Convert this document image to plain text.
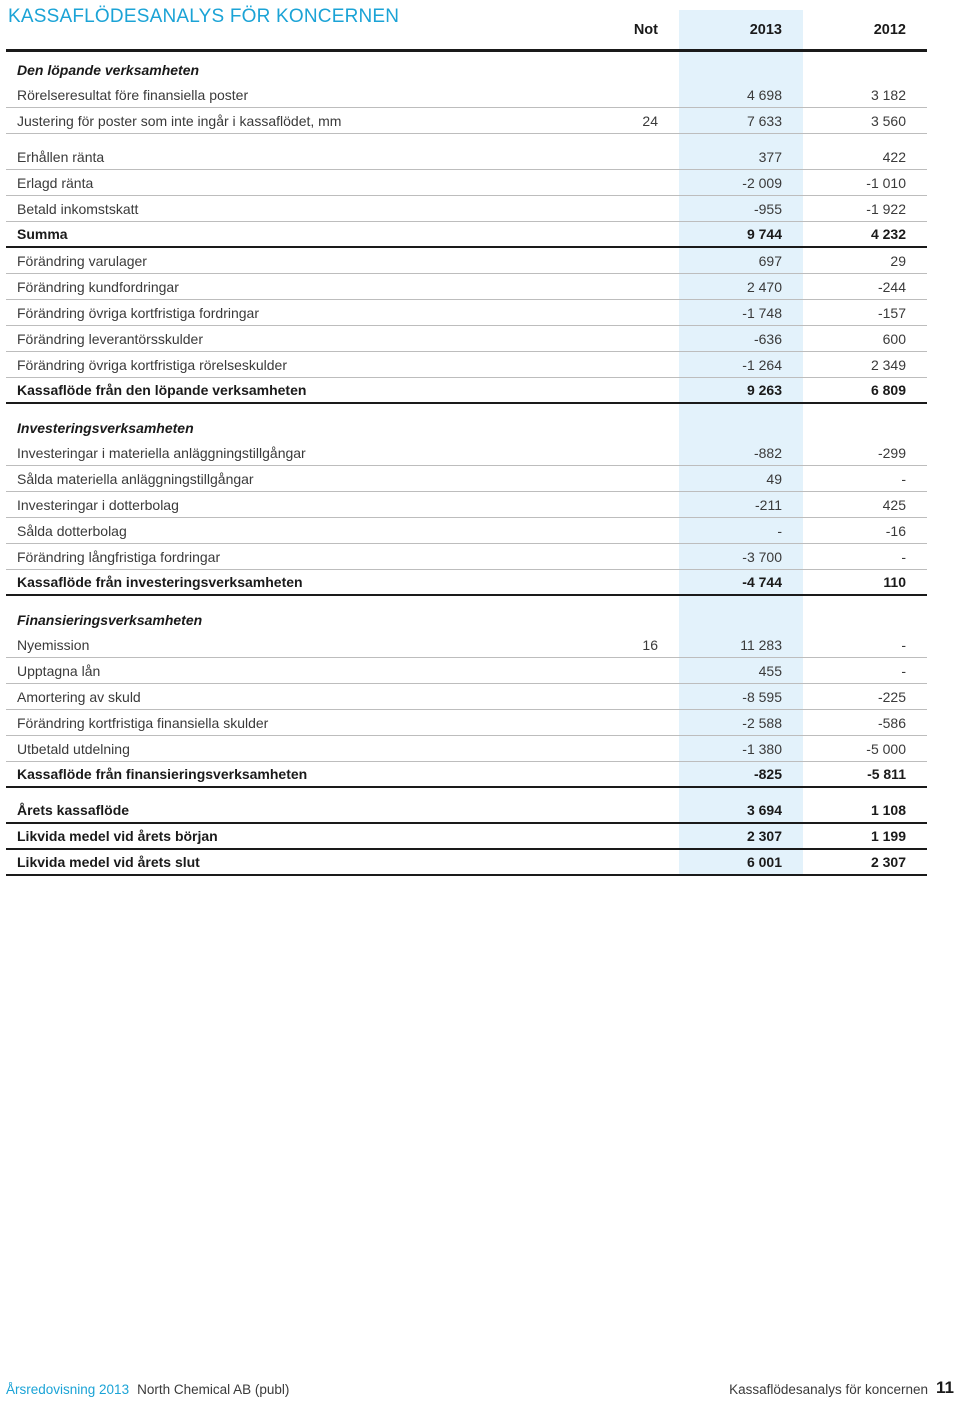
KASSAFLÖDESANALYS FÖR KONCERNEN
Not	2013	2012
Den löpande verksamheten
Rörelseresultat före finansiella poster	4 698	3 182
Justering för poster som inte ingår i kassaflödet, mm	24	7 633	3 560
Erhållen ränta	377	422
Erlagd ränta	-2 009	-1 010
Betald inkomstskatt	-955	-1 922
Summa	9 744	4 232
Förändring varulager	697	29
Förändring kundfordringar	2 470	-244
Förändring övriga kortfristiga fordringar	-1 748	-157
Förändring leverantörsskulder	-636	600
Förändring övriga kortfristiga rörelseskulder	-1 264	2 349
Kassaflöde från den löpande verksamheten	9 263	6 809
Investeringsverksamheten
Investeringar i materiella anläggningstillgångar	-882	-299
Sålda materiella anläggningstillgångar	49	-
Investeringar i dotterbolag	-211	425
Sålda dotterbolag	-	-16
Förändring långfristiga fordringar	-3 700	-
Kassaflöde från investeringsverksamheten	-4 744	110
Finansieringsverksamheten
Nyemission	16	11 283	-
Upptagna lån	455	-
Amortering av skuld	-8 595	-225
Förändring kortfristiga finansiella skulder	-2 588	-586
Utbetald utdelning	-1 380	-5 000
Kassaflöde från finansieringsverksamheten	-825	-5 811
Årets kassaflöde	3 694	1 108
Likvida medel vid årets början	2 307	1 199
Likvida medel vid årets slut	6 001	2 307
Årsredovisning 2013 North Chemical AB (publ)	Kassaflödesanalys för koncernen 11
